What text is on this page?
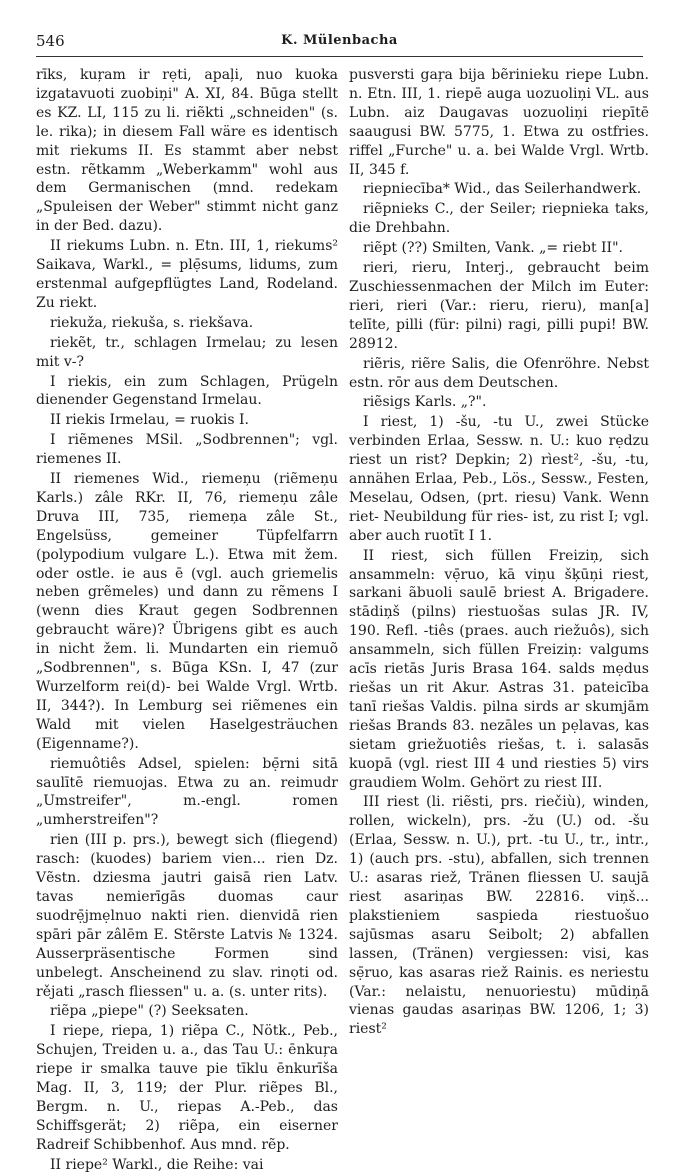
546	K. Mülenbacha

rīks, kuŗam ir rẹti, apaļi, nuo kuoka izgatavuoti zuobiņi" A. XI, 84. Būga stellt es KZ. LI, 115 zu li. riẽkti „schneiden" (s. le. rika); in diesem Fall wäre es identisch mit riekums II. Es stammt aber nebst estn. rẽtkamm „Weberkamm" wohl aus dem Germanischen (mnd. redekam „Spuleisen der Weber" stimmt nicht ganz in der Bed. dazu).

II riekums Lubn. n. Etn. III, 1, riekums² Saikava, Warkl., = plẹ̄sums, lidums, zum erstenmal aufgepflügtes Land, Rodeland. Zu riekt.

riekuža, riekuša, s. riekšava.

riekẽt, tr., schlagen Irmelau; zu lesen mit v-?

I riekis, ein zum Schlagen, Prügeln dienender Gegenstand Irmelau.

II riekis Irmelau, = ruokis I.

I riẽmenes MSil. „Sodbrennen"; vgl. riemenes II.

II riemenes Wid., riemeņu (riẽmeņu Karls.) zâle RKr. II, 76, riemeņu zâle Druva III, 735, riemeņa zâle St., Engelsüss, gemeiner Tüpfelfarrn (polypodium vulgare L.). Etwa mit žem. oder ostle. ie aus ē (vgl. auch griemelis neben grẽmeles) und dann zu rẽmens I (wenn dies Kraut gegen Sodbrennen gebraucht wäre)? Übrigens gibt es auch in nicht žem. li. Mundarten ein riemuõ „Sodbrennen", s. Būga KSn. I, 47 (zur Wurzelform rei(d)- bei Walde Vrgl. Wrtb. II, 344?). In Lemburg sei riẽmenes ein Wald mit vielen Haselgesträuchen (Eigenname?).

riemuôtiês Adsel, spielen: bẹ̄rni sitā saulītē riemuojas. Etwa zu an. reimudr „Umstreifer", m.-engl. romen „umherstreifen"?

rien (III p. prs.), bewegt sich (fliegend) rasch: (kuodes) bariem vien... rien Dz. Vẽstn. dziesma jautri gaisā rien Latv. tavas nemierīgās duomas caur suodrẹ̄jmẹlnuo nakti rien. dienvidā rien spāri pār zâlēm E. Stẽrste Latvis № 1324. Ausserpräsentische Formen sind unbelegt. Anscheinend zu slav. rinọti od. rějati „rasch fliessen" u. a. (s. unter rits).

riẽpa „piepe" (?) Seeksaten.

I riepe, riepa, 1) riẽpa C., Nötk., Peb., Schujen, Treiden u. a., das Tau U.: ēnkuŗa riepe ir smalka tauve pie tīklu ēnkurīša Mag. II, 3, 119; der Plur. riẽpes Bl., Bergm. n. U., riepas A.-Peb., das Schiffsgerät; 2) riẽpa, ein eiserner Radreif Schibbenhof. Aus mnd. rẽp.

II riepe² Warkl., die Reihe: vai

pusversti gaŗa bija bẽrinieku riepe Lubn. n. Etn. III, 1. riepē auga uozuoliņi VL. aus Lubn. aiz Daugavas uozuoliņi riepītē saaugusi BW. 5775, 1. Etwa zu ostfries. riffel „Furche" u. a. bei Walde Vrgl. Wrtb. II, 345 f.

riepniecība* Wid., das Seilerhandwerk.

riẽpnieks C., der Seiler; riepnieka taks, die Drehbahn.

riẽpt (??) Smilten, Vank. „= riebt II".

rieri, rieru, Interj., gebraucht beim Zuschiessenmachen der Milch im Euter: rieri, rieri (Var.: rieru, rieru), man[a] telīte, pilli (für: pilni) ragi, pilli pupi! BW. 28912.

riẽris, riẽre Salis, die Ofenröhre. Nebst estn. rōr aus dem Deutschen.

riẽsigs Karls. „?".

I riest, 1) -šu, -tu U., zwei Stücke verbinden Erlaa, Sessw. n. U.: kuo rẹdzu riest un rist? Depkin; 2) rìest², -šu, -tu, annähen Erlaa, Peb., Lös., Sessw., Festen, Meselau, Odsen, (prt. riesu) Vank. Wenn riet- Neubildung für ries- ist, zu rist I; vgl. aber auch ruotīt I 1.

II riest, sich füllen Freiziņ, sich ansammeln: vẹ̄ruo, kā viņu šķūņi riest, sarkani ãbuoli saulē briest A. Brigadere. stādiņš (pilns) riestuošas sulas JR. IV, 190. Refl. -tiês (praes. auch riežuôs), sich ansammeln, sich füllen Freiziņ: valgums acīs rietās Juris Brasa 164. salds mẹdus riešas un rit Akur. Astras 31. pateicība tanī riešas Valdis. pilna sirds ar skumjām riešas Brands 83. nezāles un pẹlavas, kas sietam griežuotiês riešas, t. i. salasās kuopā (vgl. riest III 4 und riesties 5) virs graudiem Wolm. Gehört zu riest III.

III riest (li. riẽsti, prs. riečiù), winden, rollen, wickeln), prs. -žu (U.) od. -šu (Erlaa, Sessw. n. U.), prt. -tu U., tr., intr., 1) (auch prs. -stu), abfallen, sich trennen U.: asaras riež, Tränen fliessen U. saujā riest asariņas BW. 22816. viņš... plakstieniem saspieda riestuošuo sajūsmas asaru Seibolt; 2) abfallen lassen, (Tränen) vergiessen: visi, kas sẹ̄ruo, kas asaras riež Rainis. es neriestu (Var.: nelaistu, nenuoriestu) mūdiņā vienas gaudas asariņas BW. 1206, 1; 3) riest²
